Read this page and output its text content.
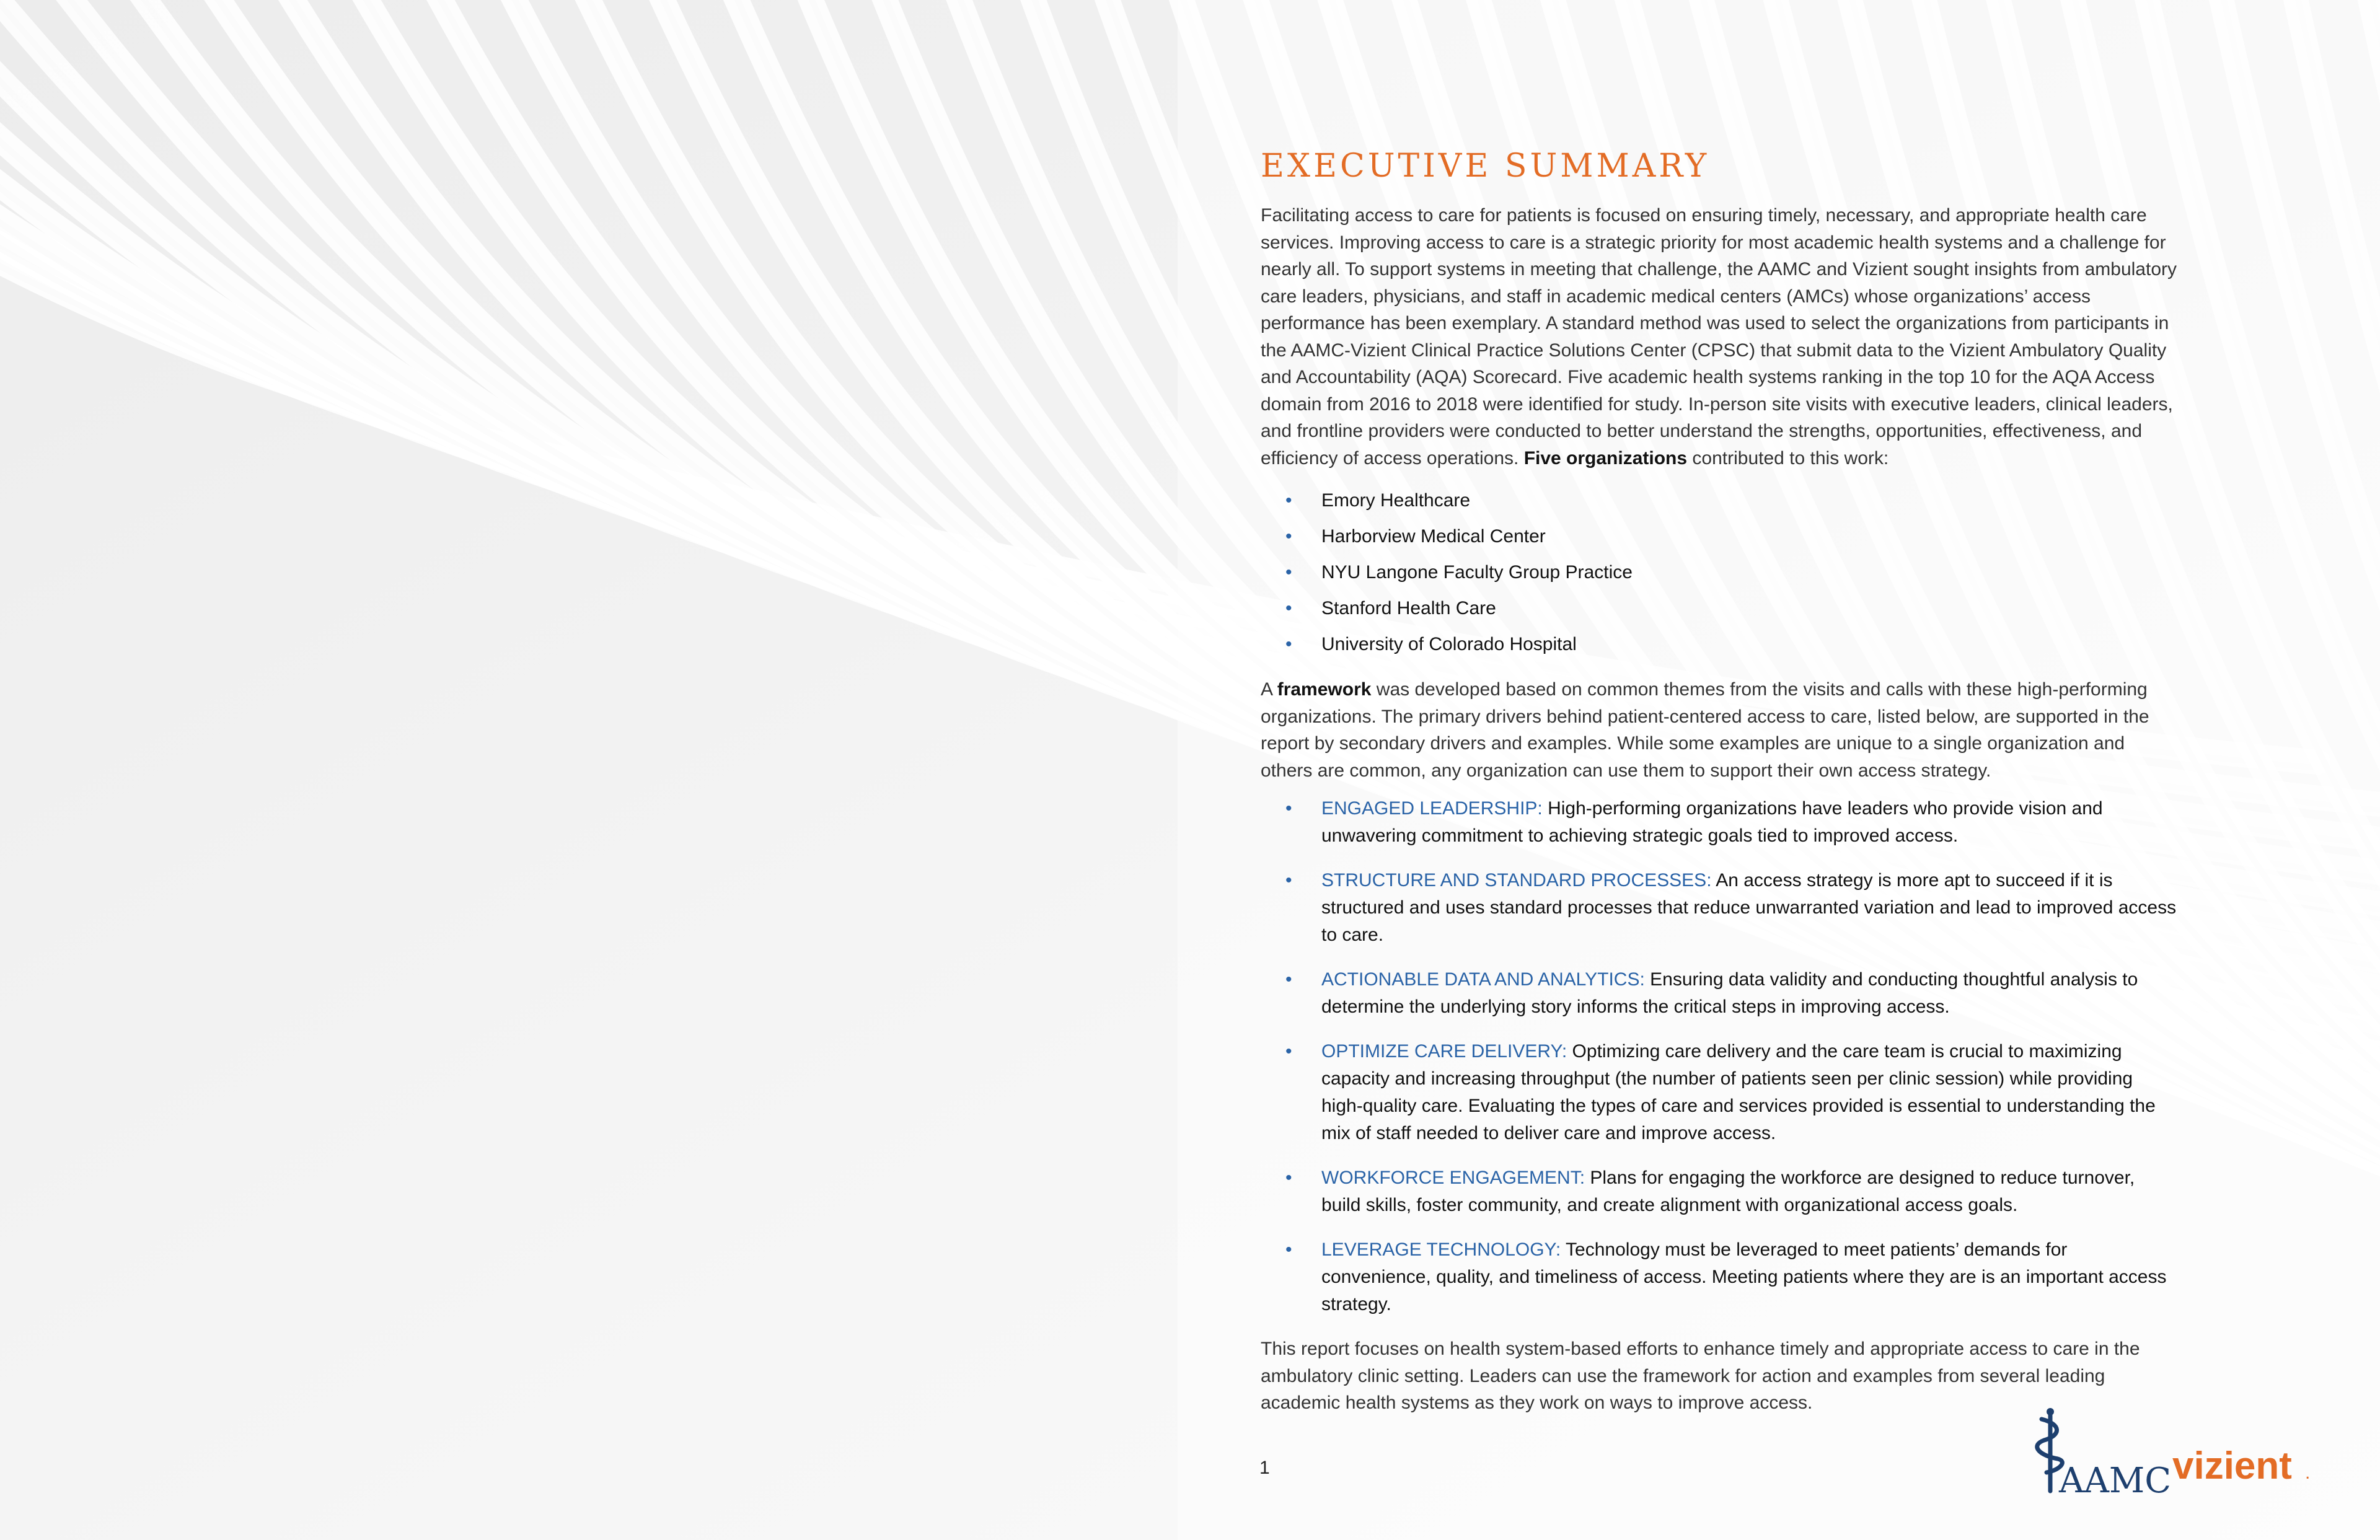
EXECUTIVE SUMMARY

Facilitating access to care for patients is focused on ensuring timely, necessary, and appropriate health care services. Improving access to care is a strategic priority for most academic health systems and a challenge for nearly all. To support systems in meeting that challenge, the AAMC and Vizient sought insights from ambulatory care leaders, physicians, and staff in academic medical centers (AMCs) whose organizations’ access performance has been exemplary. A standard method was used to select the organizations from participants in the AAMC-Vizient Clinical Practice Solutions Center (CPSC) that submit data to the Vizient Ambulatory Quality and Accountability (AQA) Scorecard. Five academic health systems ranking in the top 10 for the AQA Access domain from 2016 to 2018 were identified for study. In-person site visits with executive leaders, clinical leaders, and frontline providers were conducted to better understand the strengths, opportunities, effectiveness, and efficiency of access operations. Five organizations contributed to this work:

• Emory Healthcare
• Harborview Medical Center
• NYU Langone Faculty Group Practice
• Stanford Health Care
• University of Colorado Hospital

A framework was developed based on common themes from the visits and calls with these high-performing organizations. The primary drivers behind patient-centered access to care, listed below, are supported in the report by secondary drivers and examples. While some examples are unique to a single organization and others are common, any organization can use them to support their own access strategy.

• ENGAGED LEADERSHIP: High-performing organizations have leaders who provide vision and unwavering commitment to achieving strategic goals tied to improved access.
• STRUCTURE AND STANDARD PROCESSES: An access strategy is more apt to succeed if it is structured and uses standard processes that reduce unwarranted variation and lead to improved access to care.
• ACTIONABLE DATA AND ANALYTICS: Ensuring data validity and conducting thoughtful analysis to determine the underlying story informs the critical steps in improving access.
• OPTIMIZE CARE DELIVERY: Optimizing care delivery and the care team is crucial to maximizing capacity and increasing throughput (the number of patients seen per clinic session) while providing high-quality care. Evaluating the types of care and services provided is essential to understanding the mix of staff needed to deliver care and improve access.
• WORKFORCE ENGAGEMENT: Plans for engaging the workforce are designed to reduce turnover, build skills, foster community, and create alignment with organizational access goals.
• LEVERAGE TECHNOLOGY: Technology must be leveraged to meet patients’ demands for convenience, quality, and timeliness of access. Meeting patients where they are is an important access strategy.

This report focuses on health system-based efforts to enhance timely and appropriate access to care in the ambulatory clinic setting. Leaders can use the framework for action and examples from several leading academic health systems as they work on ways to improve access.

1	AAMC vizient .
